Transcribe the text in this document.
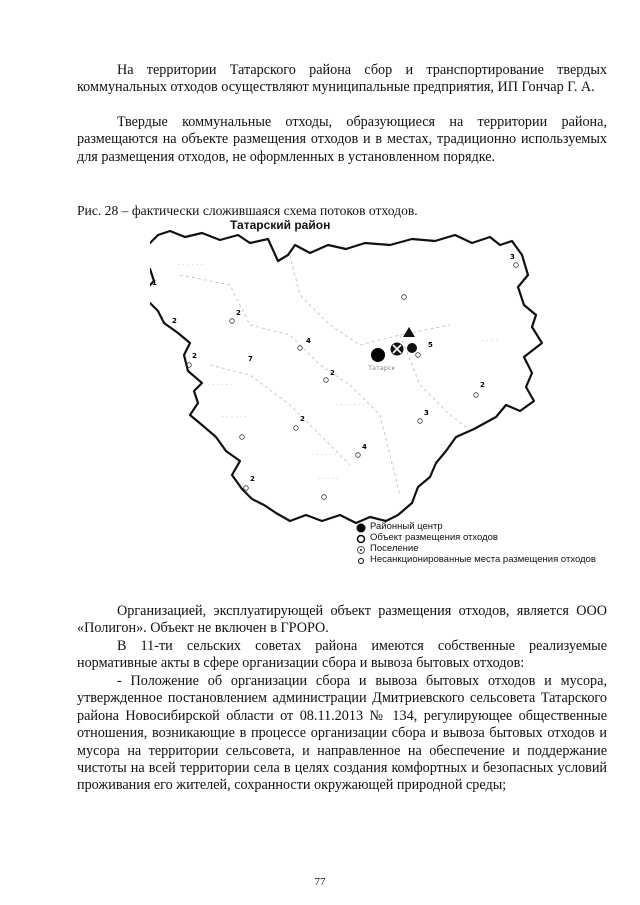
На территории Татарского района сбор и транспортирование твердых коммунальных отходов осуществляют муниципальные предприятия, ИП Гончар Г. А.

Твердые коммунальные отходы, образующиеся на территории района, размещаются на объекте размещения отходов и в местах, традиционно используемых для размещения отходов, не оформленных в установленном порядке.

Рис. 28 – фактически сложившаяся схема потоков отходов.

Татарский район

· · · · · ·
· · · · · ·
· · · · · ·
· · · · · · ·
· · · · · ·
· · · · ·
· · · ·
3
1
2
2
4
2	7
5
2
2
3
2
4
2
Татарск
Районный центр
Объект размещения отходов
Поселение
Несанкционированные места размещения отходов

Организацией, эксплуатирующей объект размещения отходов, является ООО «Полигон». Объект не включен в ГРОРО.

В 11-ти сельских советах района имеются собственные реализуемые нормативные акты в сфере организации сбора и вывоза бытовых отходов:

- Положение об организации сбора и вывоза бытовых отходов и мусора, утвержденное постановлением администрации Дмитриевского сельсовета Татарского района Новосибирской области от 08.11.2013 № 134, регулирующее общественные отношения, возникающие в процессе организации сбора и вывоза бытовых отходов и мусора на территории сельсовета, и направленное на обеспечение и поддержание чистоты на всей территории села в целях создания комфортных и безопасных условий проживания его жителей, сохранности окружающей природной среды;

77
